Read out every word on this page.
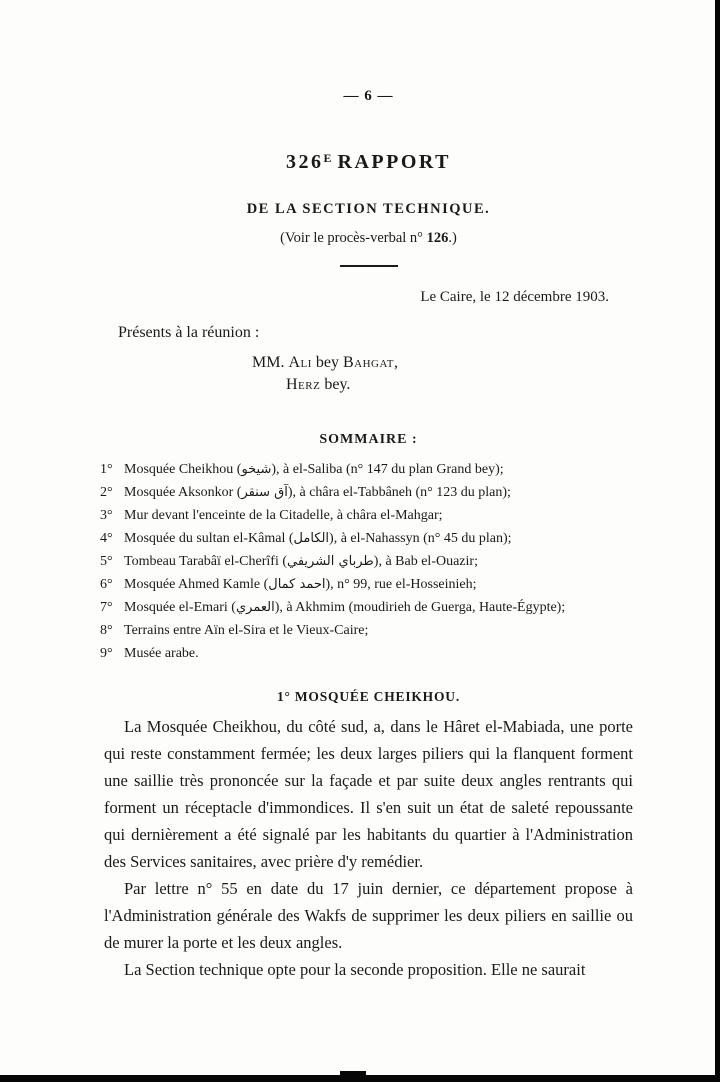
— 6 —
$326^E$ RAPPORT
DE LA SECTION TECHNIQUE.
(Voir le procès-verbal n° 126.)
Le Caire, le 12 décembre 1903.
Présents à la réunion :
MM. Ali bey Bahgat,
Herz bey.
SOMMAIRE :
1° Mosquée Cheikhou (شيخو), à el-Saliba (n° 147 du plan Grand bey);
2° Mosquée Aksonkor (آق سنقر), à châra el-Tabbâneh (n° 123 du plan);
3° Mur devant l'enceinte de la Citadelle, à châra el-Mahgar;
4° Mosquée du sultan el-Kâmal (الكامل), à el-Nahassyn (n° 45 du plan);
5° Tombeau Tarabâï el-Cherîfi (طرباي الشريفي), à Bab el-Ouazir;
6° Mosquée Ahmed Kamle (احمد كمال), n° 99, rue el-Hosseinieh;
7° Mosquée el-Emari (العمري), à Akhmim (moudirieh de Guerga, Haute-Égypte);
8° Terrains entre Aïn el-Sira et le Vieux-Caire;
9° Musée arabe.
1° MOSQUÉE CHEIKHOU.

La Mosquée Cheikhou, du côté sud, a, dans le Hâret el-Mabiada, une porte qui reste constamment fermée; les deux larges piliers qui la flanquent forment une saillie très prononcée sur la façade et par suite deux angles rentrants qui forment un réceptacle d'immondices. Il s'en suit un état de saleté repoussante qui dernièrement a été signalé par les habitants du quartier à l'Administration des Services sanitaires, avec prière d'y remédier.

Par lettre n° 55 en date du 17 juin dernier, ce département propose à l'Administration générale des Wakfs de supprimer les deux piliers en saillie ou de murer la porte et les deux angles.

La Section technique opte pour la seconde proposition. Elle ne saurait
